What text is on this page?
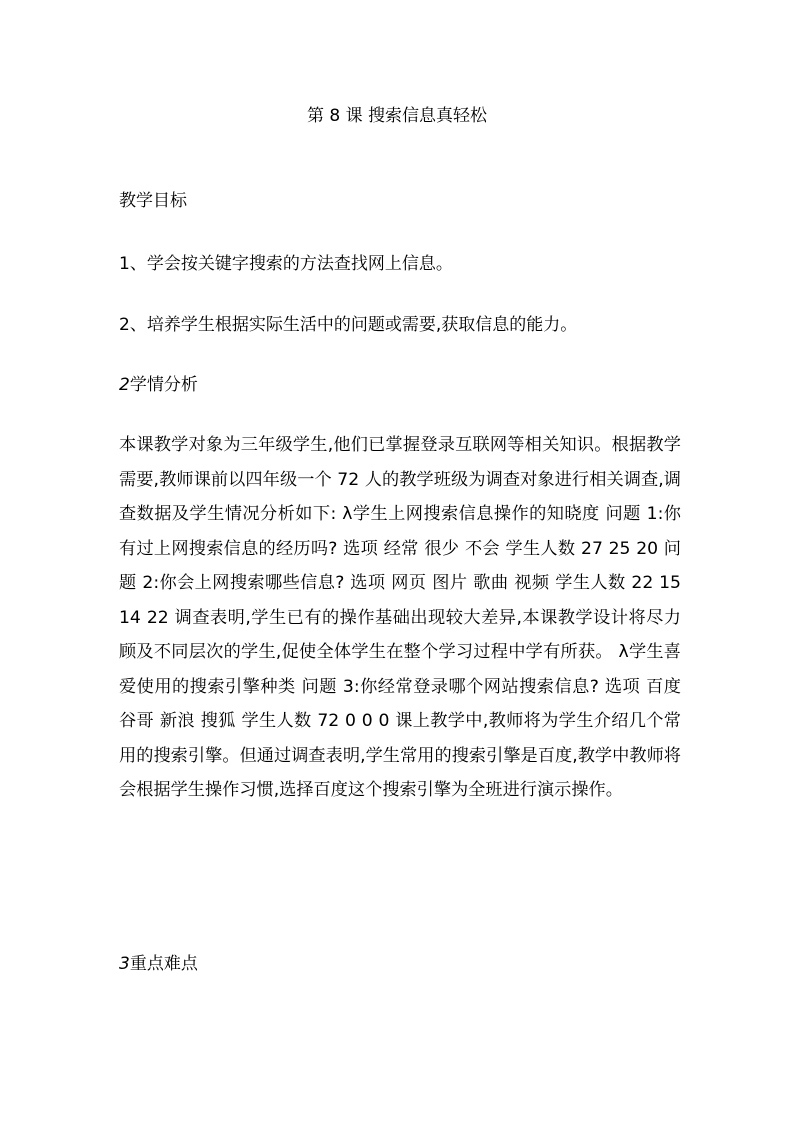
第 8 课 搜索信息真轻松
教学目标
1、学会按关键字搜索的方法查找网上信息。
2、培养学生根据实际生活中的问题或需要,获取信息的能力。
2学情分析
本课教学对象为三年级学生,他们已掌握登录互联网等相关知识。根据教学需要,教师课前以四年级一个 72 人的教学班级为调查对象进行相关调查,调查数据及学生情况分析如下: λ学生上网搜索信息操作的知晓度 问题 1:你有过上网搜索信息的经历吗? 选项 经常 很少 不会 学生人数 27 25 20 问题 2:你会上网搜索哪些信息? 选项 网页 图片 歌曲 视频 学生人数 22 15 14 22 调查表明,学生已有的操作基础出现较大差异,本课教学设计将尽力顾及不同层次的学生,促使全体学生在整个学习过程中学有所获。 λ学生喜爱使用的搜索引擎种类 问题 3:你经常登录哪个网站搜索信息? 选项 百度 谷哥 新浪 搜狐 学生人数 72 0 0 0 课上教学中,教师将为学生介绍几个常用的搜索引擎。但通过调查表明,学生常用的搜索引擎是百度,教学中教师将会根据学生操作习惯,选择百度这个搜索引擎为全班进行演示操作。
3重点难点
